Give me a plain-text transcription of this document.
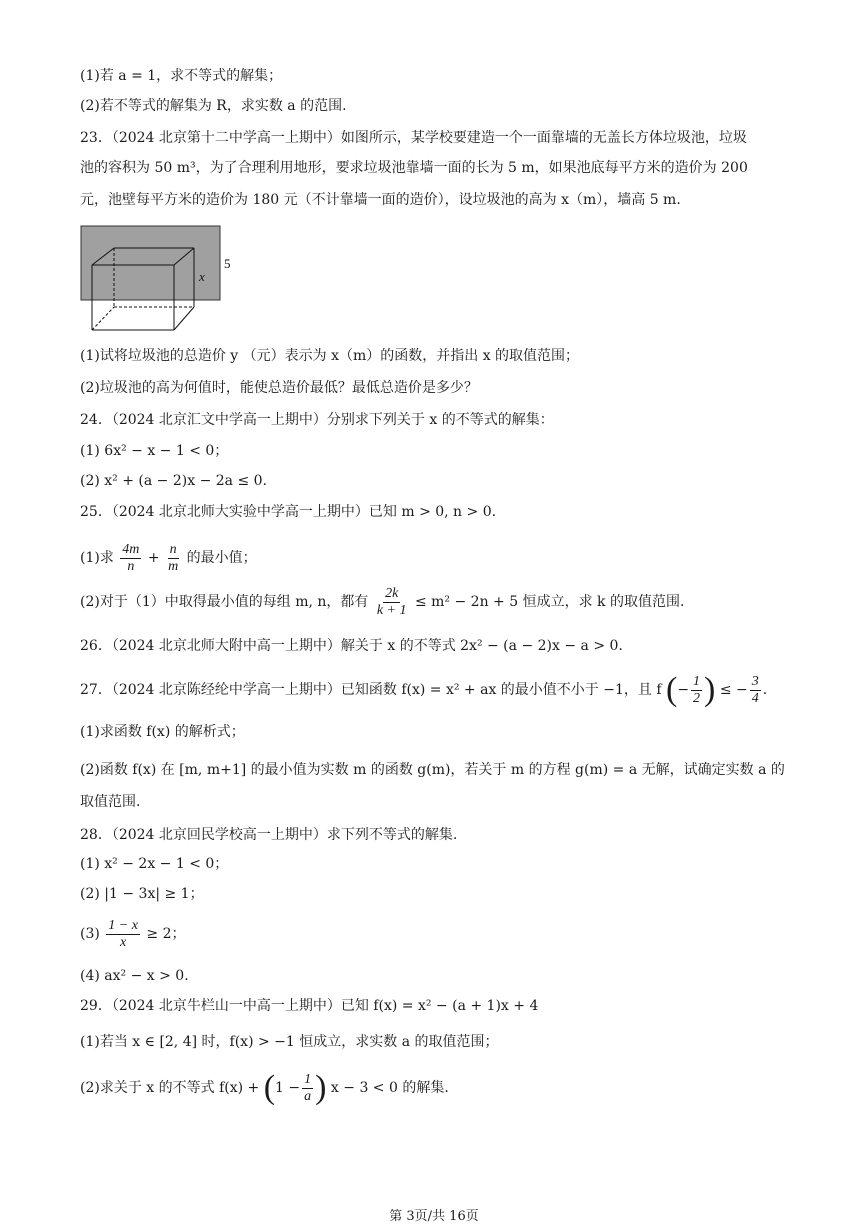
(1)若 a = 1，求不等式的解集；
(2)若不等式的解集为 R，求实数 a 的范围.
23．（2024 北京第十二中学高一上期中）如图所示，某学校要建造一个一面靠墙的无盖长方体垃圾池，垃圾
池的容积为 50 m³，为了合理利用地形，要求垃圾池靠墙一面的长为 5 m，如果池底每平方米的造价为 200
元，池壁每平方米的造价为 180 元（不计靠墙一面的造价），设垃圾池的高为 x（m），墙高 5 m.
x
5
(1)试将垃圾池的总造价 y （元）表示为 x（m）的函数，并指出 x 的取值范围；
(2)垃圾池的高为何值时，能使总造价最低？最低总造价是多少？
24．（2024 北京汇文中学高一上期中）分别求下列关于 x 的不等式的解集：
(1) 6x² − x − 1 < 0；
(2) x² + (a − 2)x − 2a ≤ 0.
25．（2024 北京北师大实验中学高一上期中）已知 m > 0, n > 0.
(1)求 $\frac{4m}{n} + \frac{n}{m}$ 的最小值；
(2)对于（1）中取得最小值的每组 m, n，都有 $\frac{2k}{k + 1} \le m^2 - 2n + 5$ 恒成立，求 k 的取值范围.
26．（2024 北京北师大附中高一上期中）解关于 x 的不等式 2x² − (a − 2)x − a > 0.
27．（2024 北京陈经纶中学高一上期中）已知函数 f(x) = x² + ax 的最小值不小于 −1，且 f (− $\frac{1}{2}$ ) ≤ − $\frac{3}{4}$ .
(1)求函数 f(x) 的解析式；
(2)函数 f(x) 在 [m, m+1] 的最小值为实数 m 的函数 g(m)，若关于 m 的方程 g(m) = a 无解，试确定实数 a 的
取值范围.
28．（2024 北京回民学校高一上期中）求下列不等式的解集.
(1) x² − 2x − 1 < 0；
(2) |1 − 3x| ≥ 1；
$(3) \frac{1 - x}{x} \ge 2$；
(4) ax² − x > 0.
29．（2024 北京牛栏山一中高一上期中）已知 f(x) = x² − (a + 1)x + 4
(1)若当 x ∈ [2, 4] 时，f(x) > −1 恒成立，求实数 a 的取值范围；
(2)求关于 x 的不等式 $f(x) + (1 - \frac{1}{a}$ ) x − 3 < 0 的解集.
第 3页/共 16页
